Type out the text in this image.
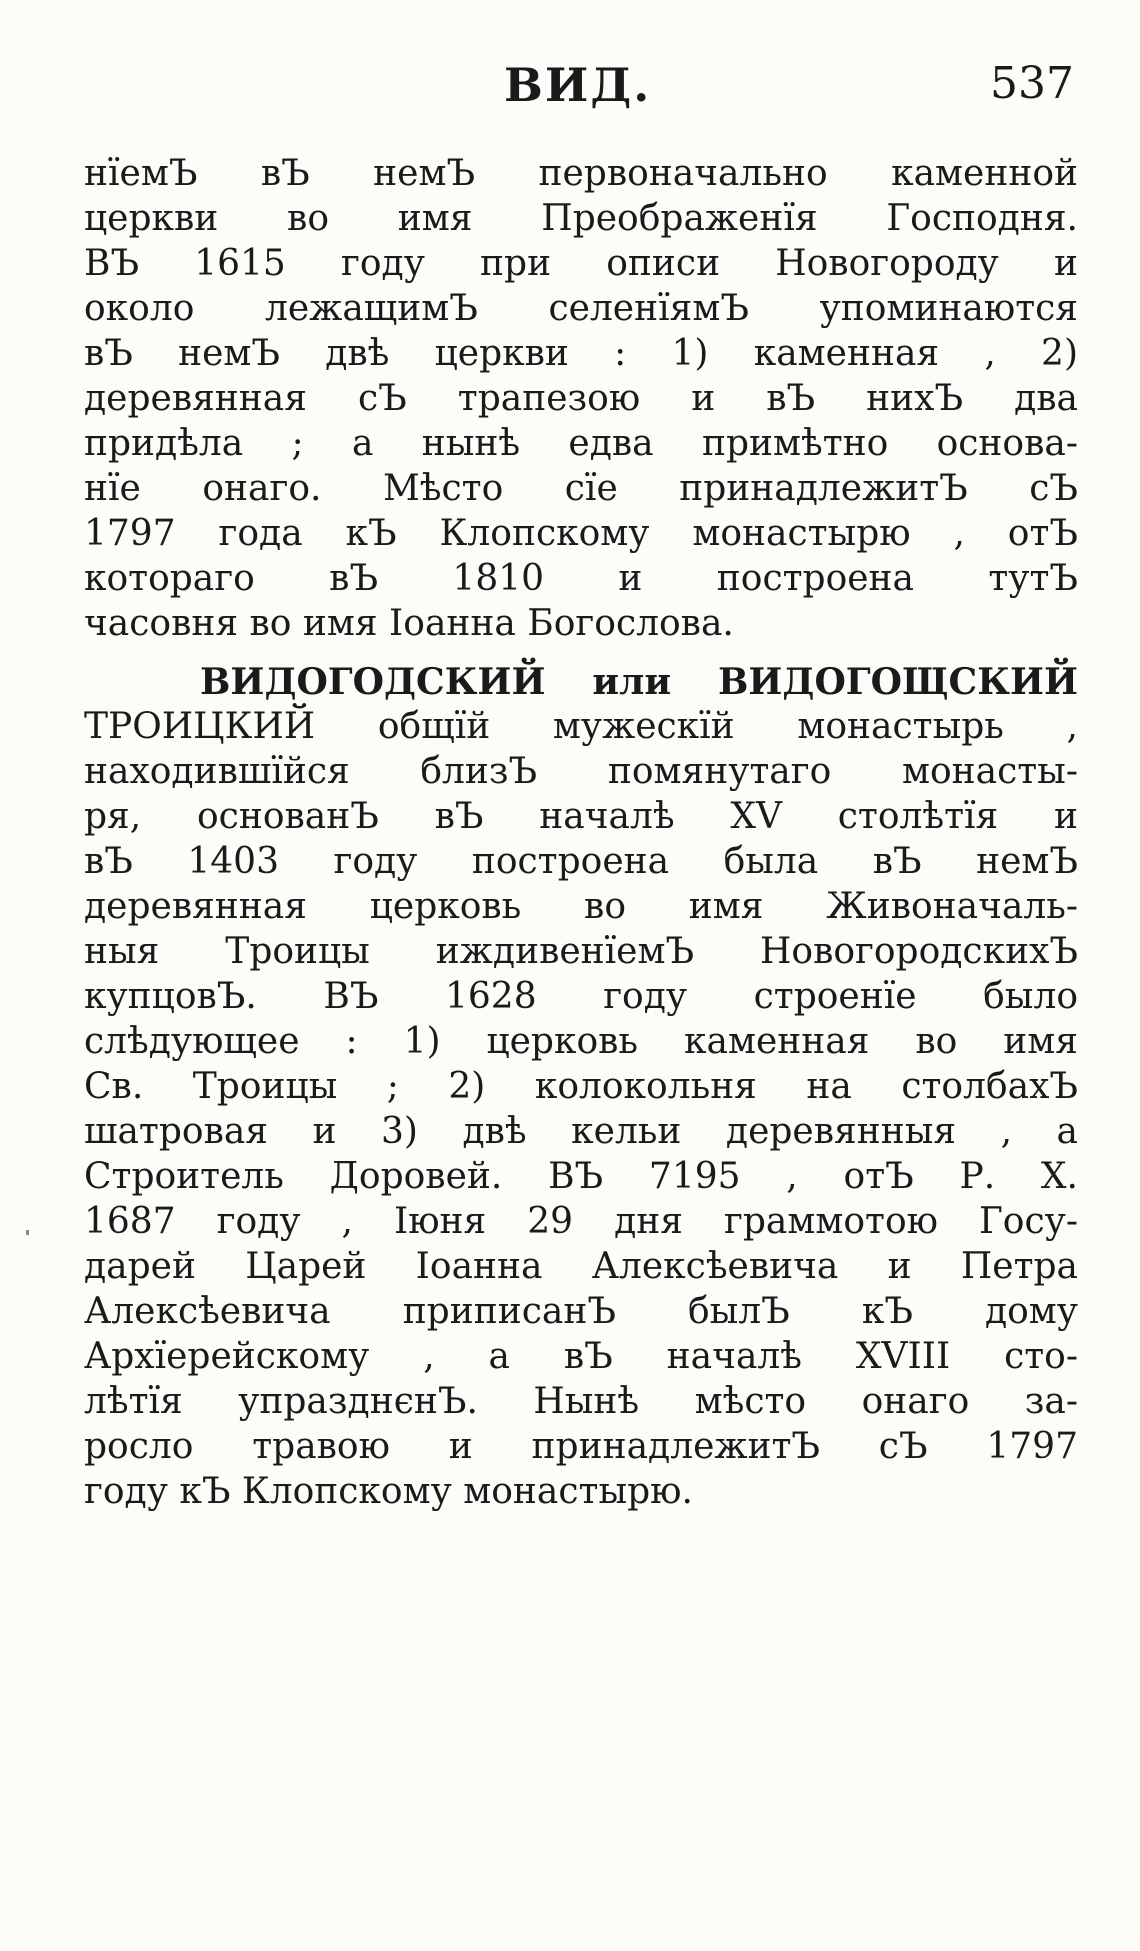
ВИД.	537
нїемЪ вЪ немЪ первоначально каменной
церкви во имя Преображенїя Господня.
ВЪ 1615 году при описи Новогороду и
около лежащимЪ селенїямЪ упоминаются
вЪ немЪ двѣ церкви : 1) каменная , 2)
деревянная сЪ трапезою и вЪ нихЪ два
придѣла ; а нынѣ едва примѣтно основа-
нїе онаго. Мѣсто сїе принадлежитЪ сЪ
1797 года кЪ Клопскому монастырю , отЪ
котораго вЪ 1810 и построена тутЪ
часовня во имя Іоанна Богослова.
ВИДОГОДСКИЙ или ВИДОГОЩСКИЙ
ТРОИЦКИЙ общїй мужескїй монастырь ,
находившїйся близЪ помянутаго монасты-
ря, основанЪ вЪ началѣ XV столѣтїя и
вЪ 1403 году построена была вЪ немЪ
деревянная церковь во имя Живоначаль-
ныя Троицы иждивенїемЪ НовогородскихЪ
купцовЪ. ВЪ 1628 году строенїе было
слѣдующее : 1) церковь каменная во имя
Св. Троицы ; 2) колокольня на столбахЪ
шатровая и 3) двѣ кельи деревянныя , а
Строитель Доровей. ВЪ 7195 , отЪ Р. Х.
1687 году , Іюня 29 дня граммотою Госу-
дарей Царей Іоанна Алексѣевича и Петра
Алексѣевича приписанЪ былЪ кЪ дому
Архїерейскому , а вЪ началѣ XVIII сто-
лѣтїя упразднєнЪ. Нынѣ мѣсто онаго за-
росло травою и принадлежитЪ сЪ 1797
году кЪ Клопскому монастырю.
